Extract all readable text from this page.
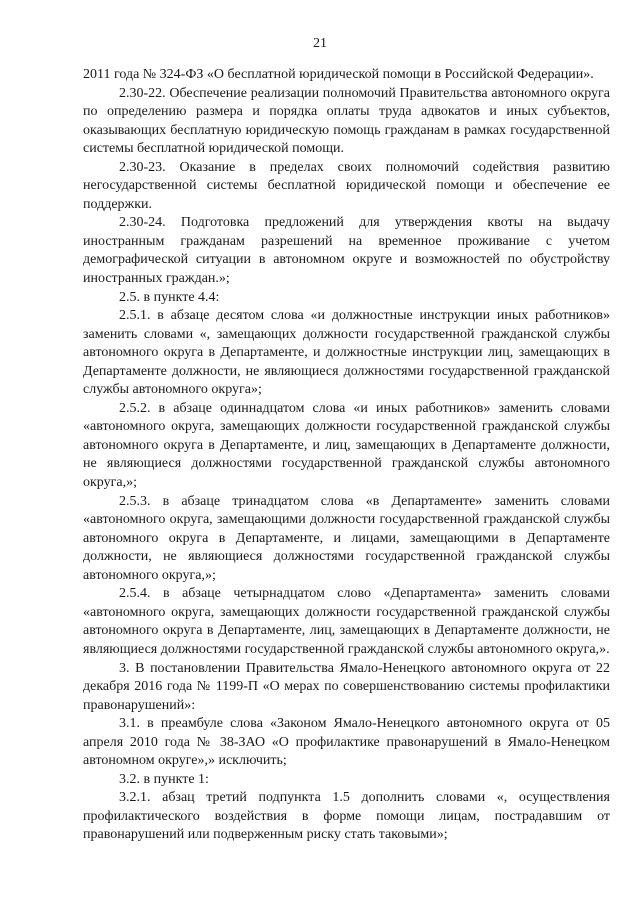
21

2011 года № 324-ФЗ «О бесплатной юридической помощи в Российской Федерации».

2.30-22. Обеспечение реализации полномочий Правительства автономного округа по определению размера и порядка оплаты труда адвокатов и иных субъектов, оказывающих бесплатную юридическую помощь гражданам в рамках государственной системы бесплатной юридической помощи.

2.30-23. Оказание в пределах своих полномочий содействия развитию негосударственной системы бесплатной юридической помощи и обеспечение ее поддержки.

2.30-24. Подготовка предложений для утверждения квоты на выдачу иностранным гражданам разрешений на временное проживание с учетом демографической ситуации в автономном округе и возможностей по обустройству иностранных граждан.»;

2.5. в пункте 4.4:

2.5.1. в абзаце десятом слова «и должностные инструкции иных работников» заменить словами «, замещающих должности государственной гражданской службы автономного округа в Департаменте, и должностные инструкции лиц, замещающих в Департаменте должности, не являющиеся должностями государственной гражданской службы автономного округа»;

2.5.2. в абзаце одиннадцатом слова «и иных работников» заменить словами «автономного округа, замещающих должности государственной гражданской службы автономного округа в Департаменте, и лиц, замещающих в Департаменте должности, не являющиеся должностями государственной гражданской службы автономного округа,»;

2.5.3. в абзаце тринадцатом слова «в Департаменте» заменить словами «автономного округа, замещающими должности государственной гражданской службы автономного округа в Департаменте, и лицами, замещающими в Департаменте должности, не являющиеся должностями государственной гражданской службы автономного округа,»;

2.5.4. в абзаце четырнадцатом слово «Департамента» заменить словами «автономного округа, замещающих должности государственной гражданской службы автономного округа в Департаменте, лиц, замещающих в Департаменте должности, не являющиеся должностями государственной гражданской службы автономного округа,».

3. В постановлении Правительства Ямало-Ненецкого автономного округа от 22 декабря 2016 года № 1199-П «О мерах по совершенствованию системы профилактики правонарушений»:

3.1. в преамбуле слова «Законом Ямало-Ненецкого автономного округа от 05 апреля 2010 года № 38-ЗАО «О профилактике правонарушений в Ямало-Ненецком автономном округе»,» исключить;

3.2. в пункте 1:

3.2.1. абзац третий подпункта 1.5 дополнить словами «, осуществления профилактического воздействия в форме помощи лицам, пострадавшим от правонарушений или подверженным риску стать таковыми»;
